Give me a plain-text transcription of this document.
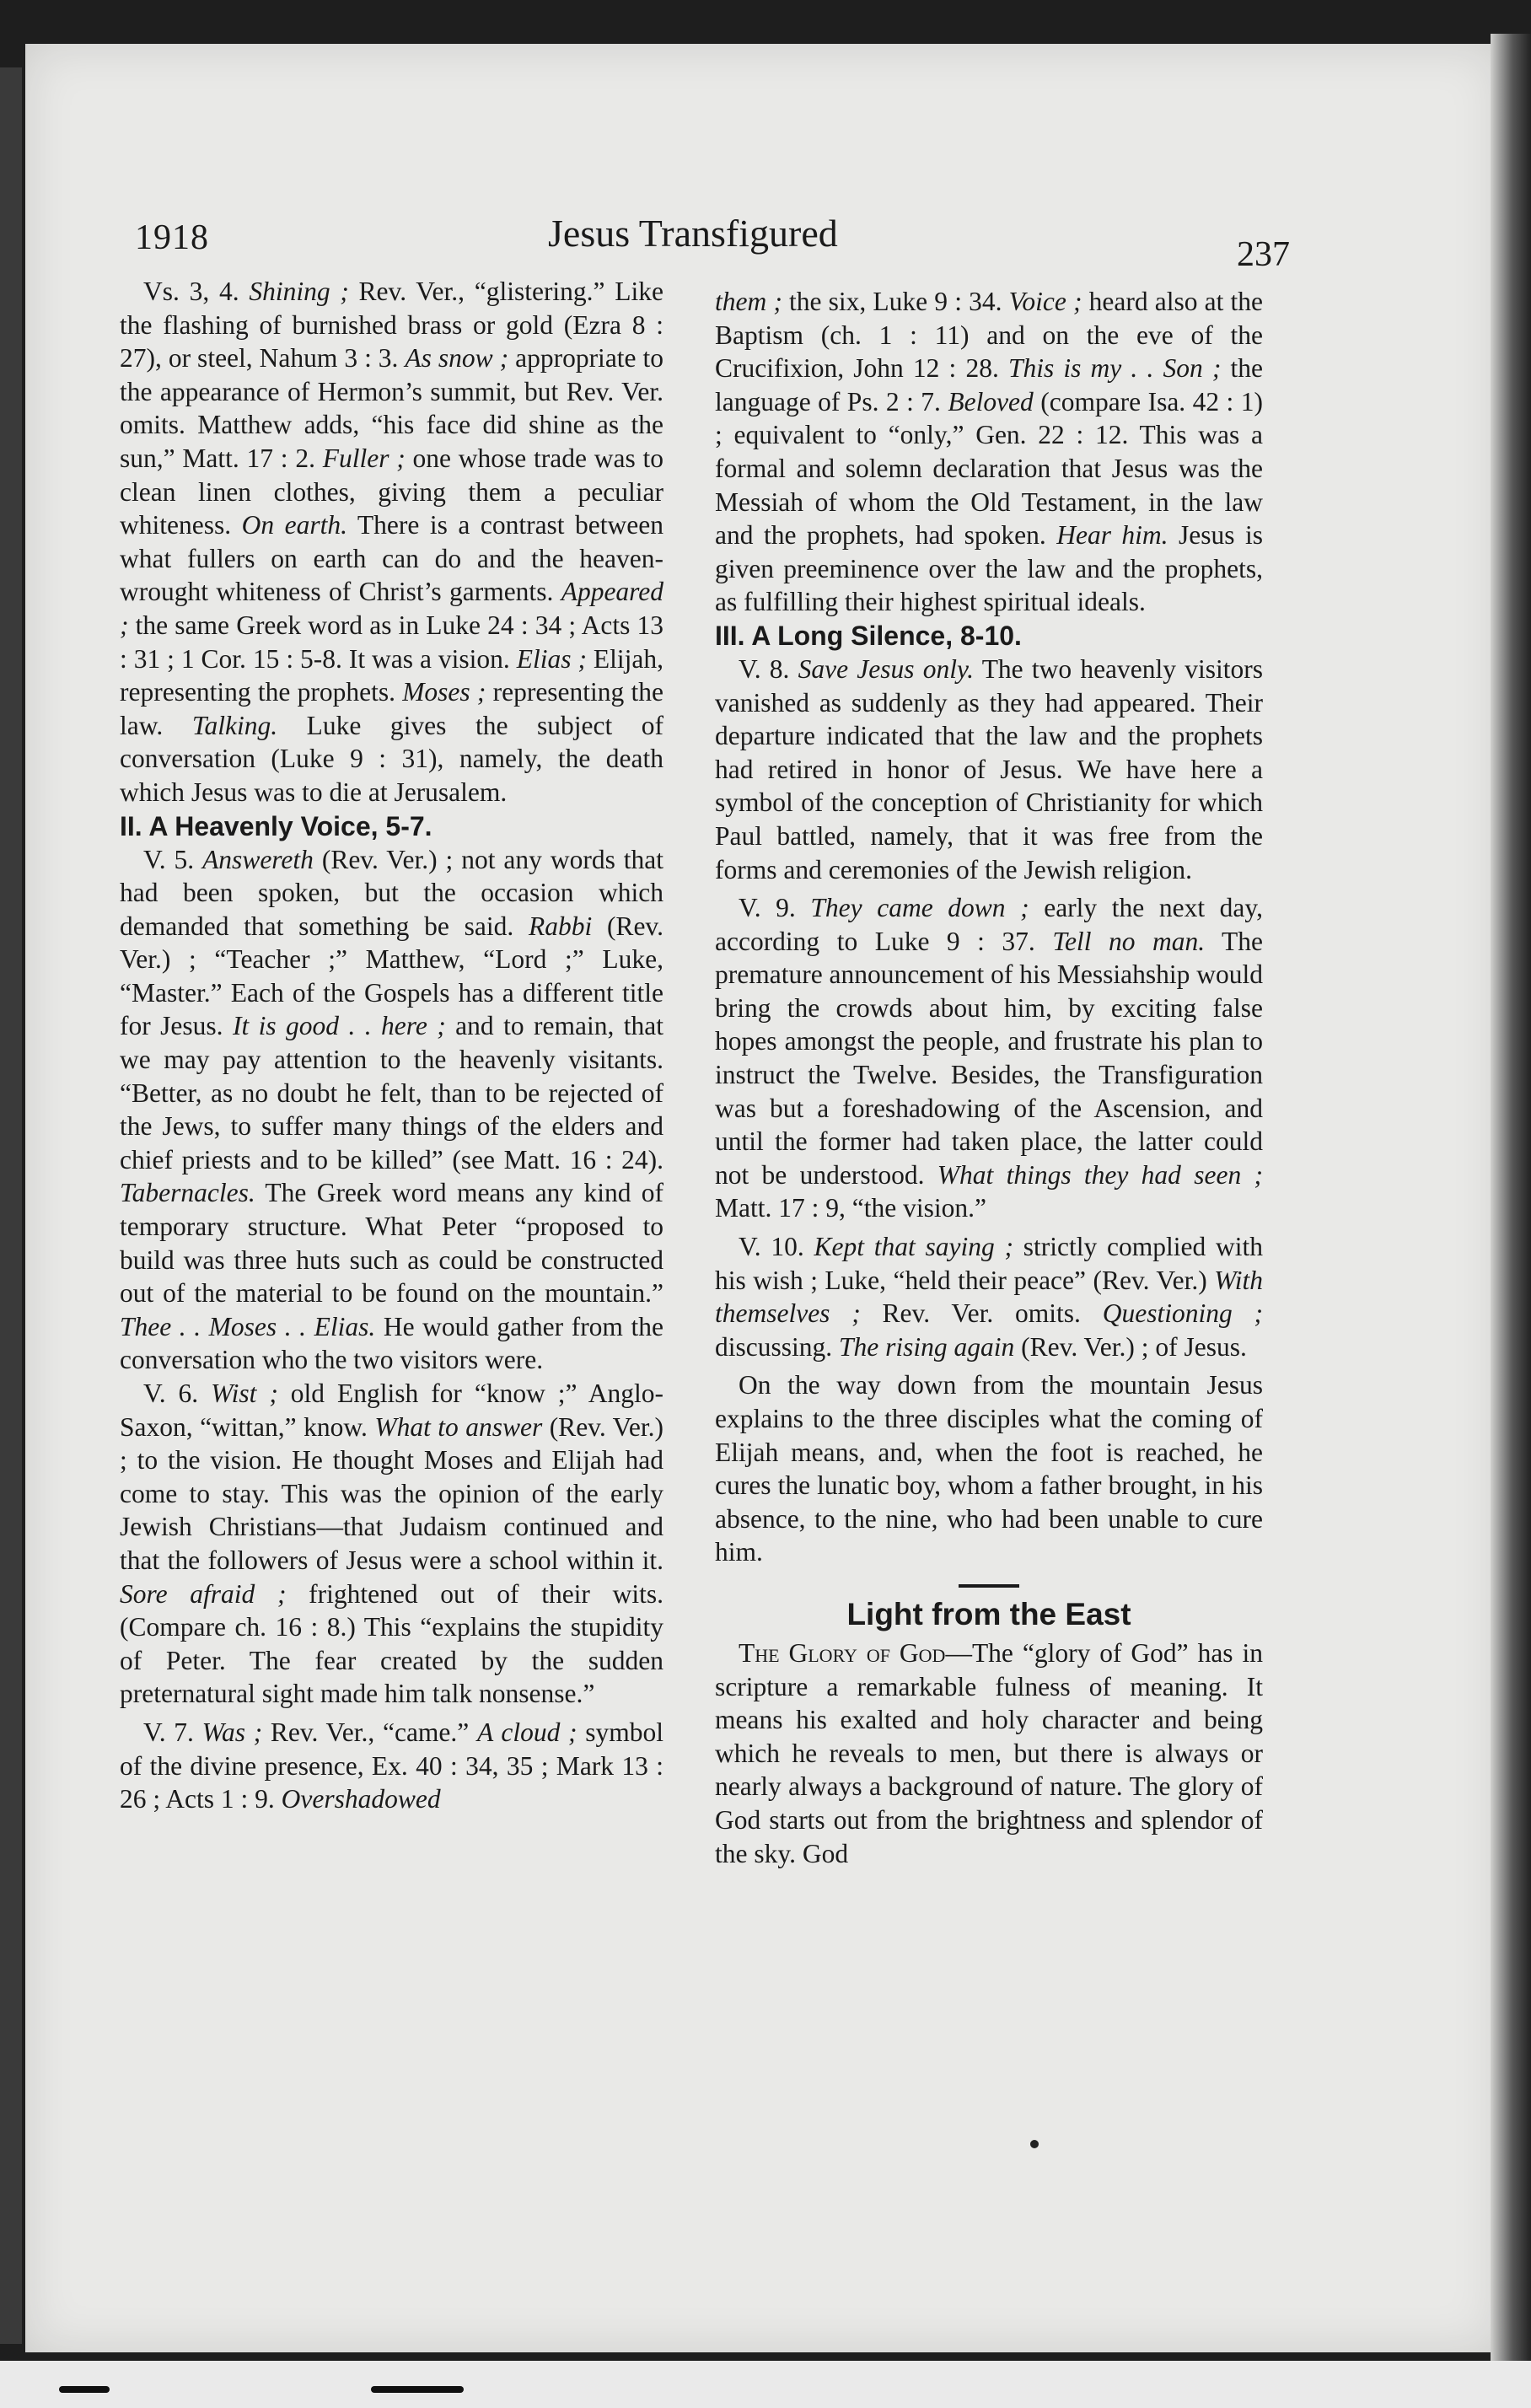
1918	Jesus Transfigured	237

Vs. 3, 4. Shining ; Rev. Ver., “glistering.” Like the flashing of burnished brass or gold (Ezra 8 : 27), or steel, Nahum 3 : 3. As snow ; appropriate to the appearance of Hermon’s summit, but Rev. Ver. omits. Matthew adds, “his face did shine as the sun,” Matt. 17 : 2. Fuller ; one whose trade was to clean linen clothes, giving them a peculiar whiteness. On earth. There is a contrast between what fullers on earth can do and the heaven-wrought whiteness of Christ’s garments. Appeared ; the same Greek word as in Luke 24 : 34 ; Acts 13 : 31 ; 1 Cor. 15 : 5-8. It was a vision. Elias ; Elijah, representing the prophets. Moses ; representing the law. Talking. Luke gives the subject of conversation (Luke 9 : 31), namely, the death which Jesus was to die at Jerusalem.

II. A Heavenly Voice, 5-7.

V. 5. Answereth (Rev. Ver.) ; not any words that had been spoken, but the occasion which demanded that something be said. Rabbi (Rev. Ver.) ; “Teacher ;” Matthew, “Lord ;” Luke, “Master.” Each of the Gospels has a different title for Jesus. It is good . . here ; and to remain, that we may pay attention to the heavenly visitants. “Better, as no doubt he felt, than to be rejected of the Jews, to suffer many things of the elders and chief priests and to be killed” (see Matt. 16 : 24). Tabernacles. The Greek word means any kind of temporary structure. What Peter “proposed to build was three huts such as could be constructed out of the material to be found on the mountain.” Thee . . Moses . . Elias. He would gather from the conversation who the two visitors were.

V. 6. Wist ; old English for “know ;” Anglo-Saxon, “wittan,” know. What to answer (Rev. Ver.) ; to the vision. He thought Moses and Elijah had come to stay. This was the opinion of the early Jewish Christians—that Judaism continued and that the followers of Jesus were a school within it. Sore afraid ; frightened out of their wits. (Compare ch. 16 : 8.) This “explains the stupidity of Peter. The fear created by the sudden preternatural sight made him talk nonsense.”

V. 7. Was ; Rev. Ver., “came.” A cloud ; symbol of the divine presence, Ex. 40 : 34, 35 ; Mark 13 : 26 ; Acts 1 : 9. Overshadowed

them ; the six, Luke 9 : 34. Voice ; heard also at the Baptism (ch. 1 : 11) and on the eve of the Crucifixion, John 12 : 28. This is my . . Son ; the language of Ps. 2 : 7. Beloved (compare Isa. 42 : 1) ; equivalent to “only,” Gen. 22 : 12. This was a formal and solemn declaration that Jesus was the Messiah of whom the Old Testament, in the law and the prophets, had spoken. Hear him. Jesus is given preeminence over the law and the prophets, as fulfilling their highest spiritual ideals.

III. A Long Silence, 8-10.

V. 8. Save Jesus only. The two heavenly visitors vanished as suddenly as they had appeared. Their departure indicated that the law and the prophets had retired in honor of Jesus. We have here a symbol of the conception of Christianity for which Paul battled, namely, that it was free from the forms and ceremonies of the Jewish religion.

V. 9. They came down ; early the next day, according to Luke 9 : 37. Tell no man. The premature announcement of his Messiahship would bring the crowds about him, by exciting false hopes amongst the people, and frustrate his plan to instruct the Twelve. Besides, the Transfiguration was but a foreshadowing of the Ascension, and until the former had taken place, the latter could not be understood. What things they had seen ; Matt. 17 : 9, “the vision.”

V. 10. Kept that saying ; strictly complied with his wish ; Luke, “held their peace” (Rev. Ver.) With themselves ; Rev. Ver. omits. Questioning ; discussing. The rising again (Rev. Ver.) ; of Jesus.

On the way down from the mountain Jesus explains to the three disciples what the coming of Elijah means, and, when the foot is reached, he cures the lunatic boy, whom a father brought, in his absence, to the nine, who had been unable to cure him.

Light from the East

The Glory of God—The “glory of God” has in scripture a remarkable fulness of meaning. It means his exalted and holy character and being which he reveals to men, but there is always or nearly always a background of nature. The glory of God starts out from the brightness and splendor of the sky. God
